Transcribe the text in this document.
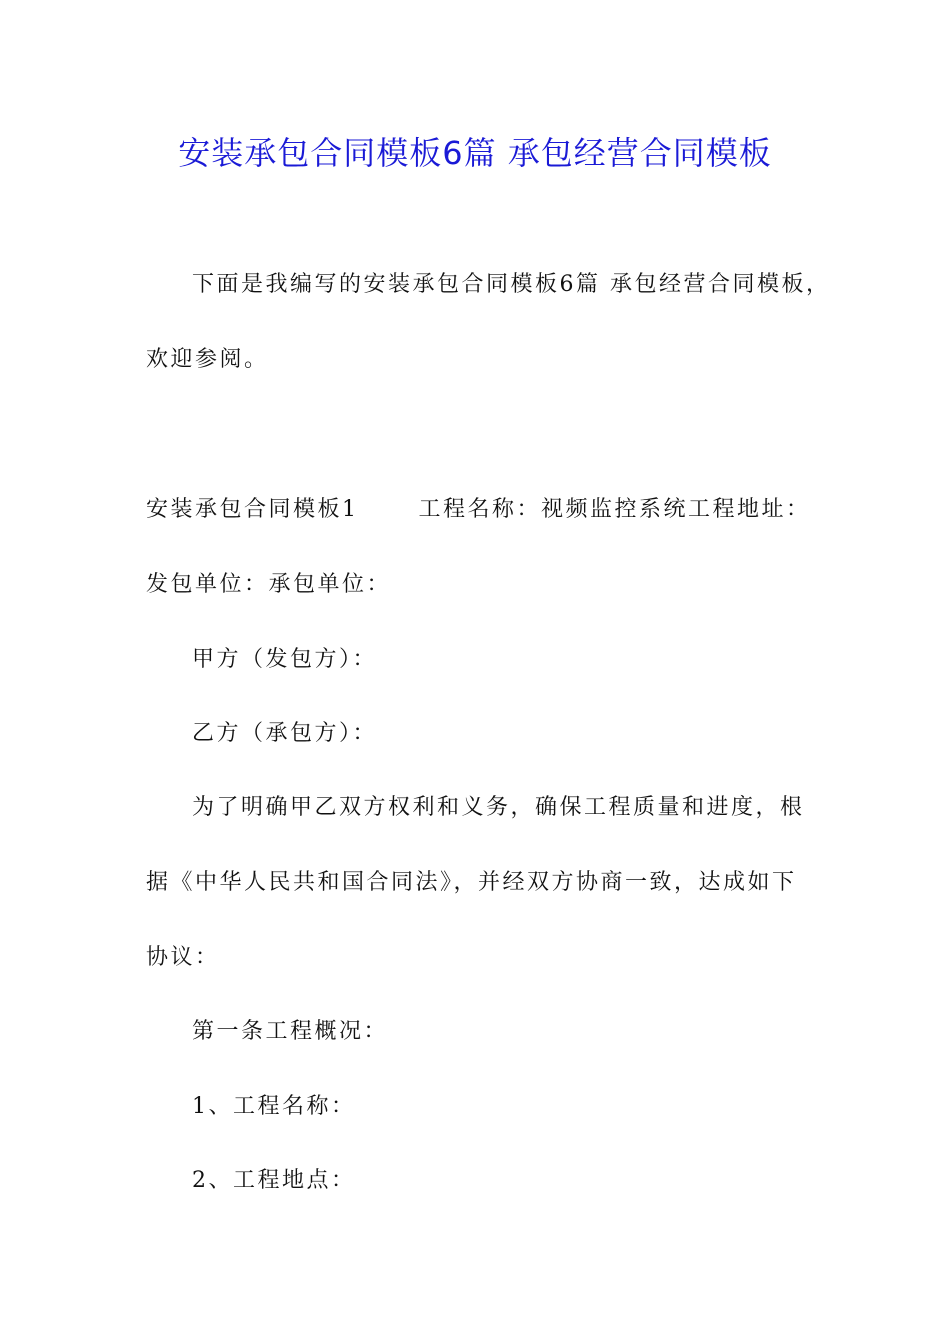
安装承包合同模板6篇 承包经营合同模板
下面是我编写的安装承包合同模板6篇 承包经营合同模板，
欢迎参阅。
安装承包合同模板1	工程名称：视频监控系统工程地址：
发包单位：承包单位：
甲方（发包方）：
乙方（承包方）：
为了明确甲乙双方权利和义务，确保工程质量和进度，根
据《中华人民共和国合同法》，并经双方协商一致，达成如下
协议：
第一条工程概况：
1、工程名称：
2、工程地点：
